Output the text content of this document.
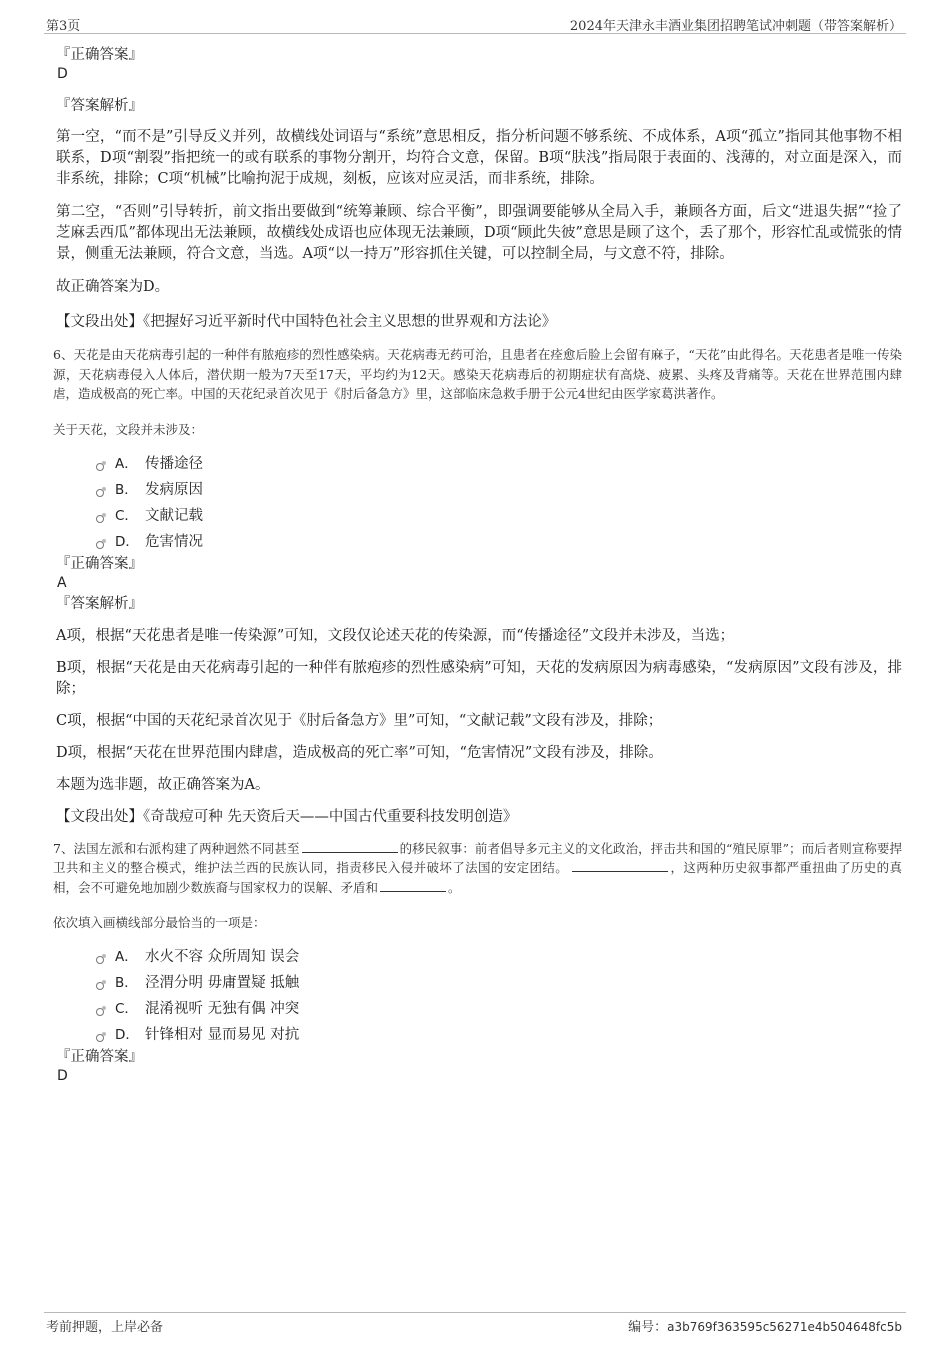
第3页	2024年天津永丰酒业集团招聘笔试冲刺题（带答案解析）

『正确答案』

D

『答案解析』

第一空，“而不是”引导反义并列，故横线处词语与“系统”意思相反，指分析问题不够系统、不成体系，A项“孤立”指同其他事物不相联系，D项“割裂”指把统一的或有联系的事物分割开，均符合文意，保留。B项“肤浅”指局限于表面的、浅薄的，对立面是深入，而非系统，排除；C项“机械”比喻拘泥于成规，刻板，应该对应灵活，而非系统，排除。

第二空，“否则”引导转折，前文指出要做到“统筹兼顾、综合平衡”，即强调要能够从全局入手，兼顾各方面，后文“进退失据”“捡了芝麻丢西瓜”都体现出无法兼顾，故横线处成语也应体现无法兼顾，D项“顾此失彼”意思是顾了这个，丢了那个，形容忙乱或慌张的情景，侧重无法兼顾，符合文意，当选。A项“以一持万”形容抓住关键，可以控制全局，与文意不符，排除。

故正确答案为D。

【文段出处】《把握好习近平新时代中国特色社会主义思想的世界观和方法论》

6、天花是由天花病毒引起的一种伴有脓疱疹的烈性感染病。天花病毒无药可治，且患者在痊愈后脸上会留有麻子，“天花”由此得名。天花患者是唯一传染源，天花病毒侵入人体后，潜伏期一般为7天至17天，平均约为12天。感染天花病毒后的初期症状有高烧、疲累、头疼及背痛等。天花在世界范围内肆虐，造成极高的死亡率。中国的天花纪录首次见于《肘后备急方》里，这部临床急救手册于公元4世纪由医学家葛洪著作。

关于天花，文段并未涉及：

A． 传播途径
B． 发病原因
C． 文献记载
D． 危害情况

『正确答案』

A

『答案解析』

A项，根据“天花患者是唯一传染源”可知，文段仅论述天花的传染源，而“传播途径”文段并未涉及，当选；

B项，根据“天花是由天花病毒引起的一种伴有脓疱疹的烈性感染病”可知，天花的发病原因为病毒感染，“发病原因”文段有涉及，排除；

C项，根据“中国的天花纪录首次见于《肘后备急方》里”可知，“文献记载”文段有涉及，排除；

D项，根据“天花在世界范围内肆虐，造成极高的死亡率”可知，“危害情况”文段有涉及，排除。

本题为选非题，故正确答案为A。

【文段出处】《奇哉痘可种 先天资后天——中国古代重要科技发明创造》

7、法国左派和右派构建了两种迥然不同甚至	的移民叙事：前者倡导多元主义的文化政治，抨击共和国的“殖民原罪”；而后者则宣称要捍卫共和主义的整合模式，维护法兰西的民族认同，指责移民入侵并破坏了法国的安定团结。	，这两种历史叙事都严重扭曲了历史的真相，会不可避免地加剧少数族裔与国家权力的误解、矛盾和	。

依次填入画横线部分最恰当的一项是：

A． 水火不容 众所周知 误会
B． 泾渭分明 毋庸置疑 抵触
C． 混淆视听 无独有偶 冲突
D． 针锋相对 显而易见 对抗

『正确答案』

D

考前押题，上岸必备	编号：a3b769f363595c56271e4b504648fc5b
